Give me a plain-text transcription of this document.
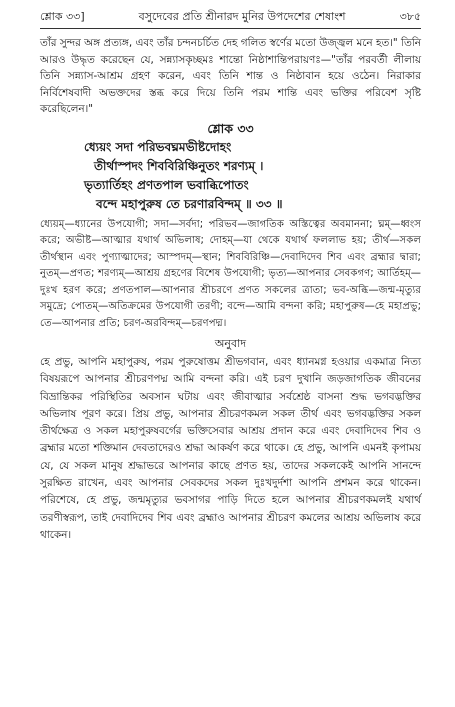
শ্লোক ৩৩]	বসুদেবের প্রতি শ্রীনারদ মুনির উপদেশের শেষাংশ	৩৮৫

তাঁর সুন্দর অঙ্গ প্রত্যঙ্গ, এবং তাঁর চন্দনচর্চিত দেহ গলিত স্বর্ণের মতো উজ্জ্বল মনে হত।" তিনি আরও উদ্ধৃত করেছেন যে, সন্ন্যাসকৃচ্ছমঃ শান্তো নিষ্ঠাশান্তিপরায়ণঃ—"তাঁর পরবর্তী লীলায় তিনি সন্ন্যাস-আশ্রম গ্রহণ করেন, এবং তিনি শান্ত ও নিষ্ঠাবান হয়ে ওঠেন। নিরাকার নির্বিশেষবাদী অভক্তদের স্তব্ধ করে দিয়ে তিনি পরম শান্তি এবং ভক্তির পরিবেশ সৃষ্টি করেছিলেন।"

শ্লোক ৩৩
ধ্যেয়ং সদা পরিভবঘ্নমভীষ্টদোহং
তীর্থাস্পদং শিববিরিঞ্চিনুতং শরণ্যম্ ।
ভৃত্যার্তিহং প্রণতপাল ভবাব্ধিপোতং
বন্দে মহাপুরুষ তে চরণারবিন্দম্ ॥ ৩৩ ॥
ধ্যেয়ম্—ধ্যানের উপযোগী; সদা—সর্বদা; পরিভব—জাগতিক অস্তিত্বের অবমাননা; ঘ্নম্—ধ্বংস করে; অভীষ্ট—আত্মার যথার্থ অভিলাষ; দোহম্—যা থেকে যথার্থ ফললাভ হয়; তীর্থ—সকল তীর্থস্থান এবং পুণ্যাত্মাদের; আস্পদম্—স্থান; শিববিরিঞ্চি—দেবাদিদেব শিব এবং ব্রহ্মার দ্বারা; নুতম্—প্রণত; শরণ্যম্—আশ্রয় গ্রহণের বিশেষ উপযোগী; ভৃত্য—আপনার সেবকগণ; আর্তিহম্—দুঃখ হরণ করে; প্রণতপাল—আপনার শ্রীচরণে প্রণত সকলের ত্রাতা; ভব-অব্ধি—জন্ম-মৃত্যুর সমুদ্রে; পোতম্—অতিক্রমের উপযোগী তরণী; বন্দে—আমি বন্দনা করি; মহাপুরুষ—হে মহাপ্রভু; তে—আপনার প্রতি; চরণ-অরবিন্দম্—চরণপদ্ম।
অনুবাদ
হে প্রভু, আপনি মহাপুরুষ, পরম পুরুষোত্তম শ্রীভগবান, এবং ধ্যানমগ্ন হওয়ার একমাত্র নিত্য বিষয়রূপে আপনার শ্রীচরণপদ্ম আমি বন্দনা করি। এই চরণ দুখানি জড়জাগতিক জীবনের বিভ্রান্তিকর পরিস্থিতির অবসান ঘটায় এবং জীবাত্মার সর্বশ্রেষ্ঠ বাসনা শুদ্ধ ভগবদ্ভক্তির অভিলাষ পূরণ করে। প্রিয় প্রভু, আপনার শ্রীচরণকমল সকল তীর্থ এবং ভগবদ্ভক্তির সকল তীর্থক্ষেত্র ও সকল মহাপুরুষবর্গের ভক্তিসেবার আশ্রয় প্রদান করে এবং দেবাদিদেব শিব ও ব্রহ্মার মতো শক্তিমান দেবতাদেরও শ্রদ্ধা আকর্ষণ করে থাকে। হে প্রভু, আপনি এমনই কৃপাময় যে, যে সকল মানুষ শ্রদ্ধাভরে আপনার কাছে প্রণত হয়, তাদের সকলকেই আপনি সানন্দে সুরক্ষিত রাখেন, এবং আপনার সেবকদের সকল দুঃখদুর্দশা আপনি প্রশমন করে থাকেন। পরিশেষে, হে প্রভু, জন্মমৃত্যুর ভবসাগর পাড়ি দিতে হলে আপনার শ্রীচরণকমলই যথার্থ তরণীস্বরূপ, তাই দেবাদিদেব শিব এবং ব্রহ্মাও আপনার শ্রীচরণ কমলের আশ্রয় অভিলাষ করে থাকেন।
